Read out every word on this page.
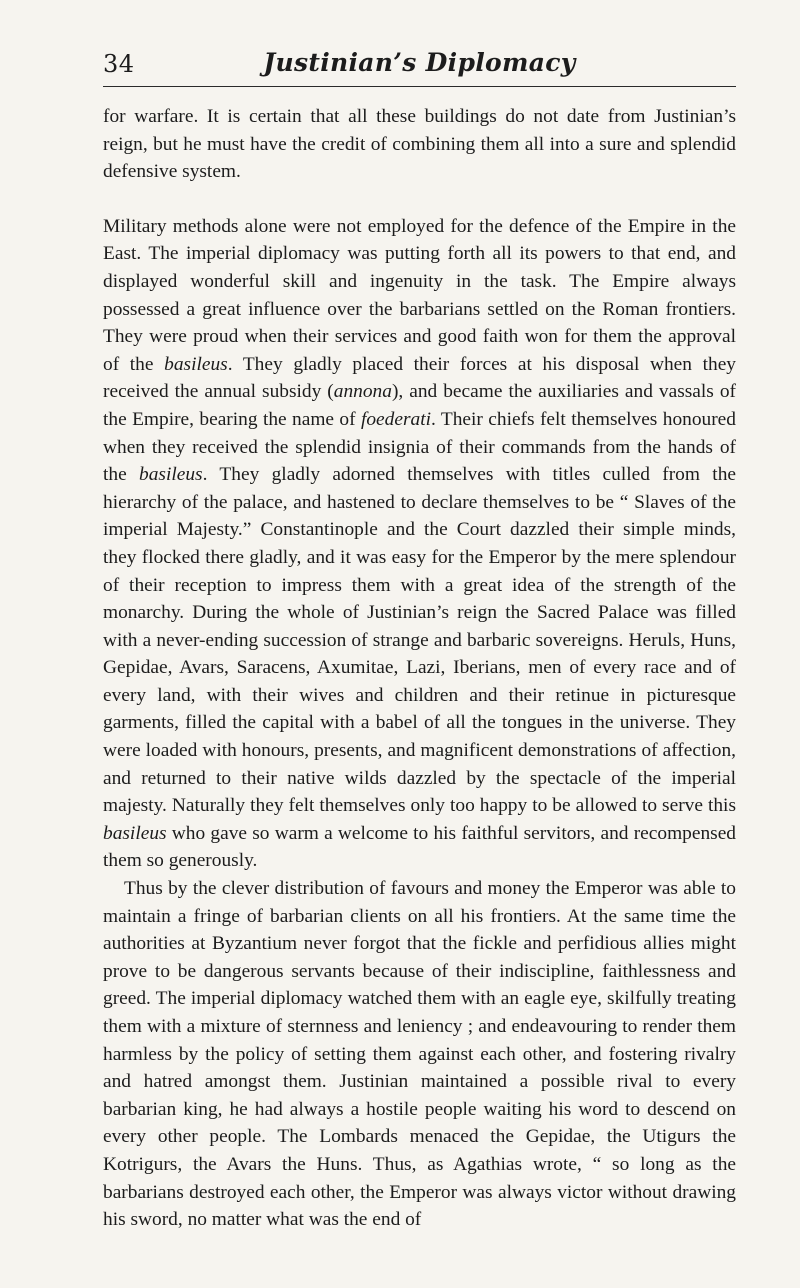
34	Justinian’s Diplomacy

for warfare. It is certain that all these buildings do not date from Justinian’s reign, but he must have the credit of combining them all into a sure and splendid defensive system.

Military methods alone were not employed for the defence of the Empire in the East. The imperial diplomacy was putting forth all its powers to that end, and displayed wonderful skill and ingenuity in the task. The Empire always possessed a great influence over the barbarians settled on the Roman frontiers. They were proud when their services and good faith won for them the approval of the basileus. They gladly placed their forces at his disposal when they received the annual subsidy (annona), and became the auxiliaries and vassals of the Empire, bearing the name of foederati. Their chiefs felt themselves honoured when they received the splendid insignia of their commands from the hands of the basileus. They gladly adorned themselves with titles culled from the hierarchy of the palace, and hastened to declare themselves to be “ Slaves of the imperial Majesty.” Constantinople and the Court dazzled their simple minds, they flocked there gladly, and it was easy for the Emperor by the mere splendour of their reception to impress them with a great idea of the strength of the monarchy. During the whole of Justinian’s reign the Sacred Palace was filled with a never-ending succession of strange and barbaric sovereigns. Heruls, Huns, Gepidae, Avars, Saracens, Axumitae, Lazi, Iberians, men of every race and of every land, with their wives and children and their retinue in picturesque garments, filled the capital with a babel of all the tongues in the universe. They were loaded with honours, presents, and magnificent demonstrations of affection, and returned to their native wilds dazzled by the spectacle of the imperial majesty. Naturally they felt themselves only too happy to be allowed to serve this basileus who gave so warm a welcome to his faithful servitors, and recompensed them so generously.

Thus by the clever distribution of favours and money the Emperor was able to maintain a fringe of barbarian clients on all his frontiers. At the same time the authorities at Byzantium never forgot that the fickle and perfidious allies might prove to be dangerous servants because of their indiscipline, faithlessness and greed. The imperial diplomacy watched them with an eagle eye, skilfully treating them with a mixture of sternness and leniency ; and endeavouring to render them harmless by the policy of setting them against each other, and fostering rivalry and hatred amongst them. Justinian maintained a possible rival to every barbarian king, he had always a hostile people waiting his word to descend on every other people. The Lombards menaced the Gepidae, the Utigurs the Kotrigurs, the Avars the Huns. Thus, as Agathias wrote, “ so long as the barbarians destroyed each other, the Emperor was always victor without drawing his sword, no matter what was the end of
